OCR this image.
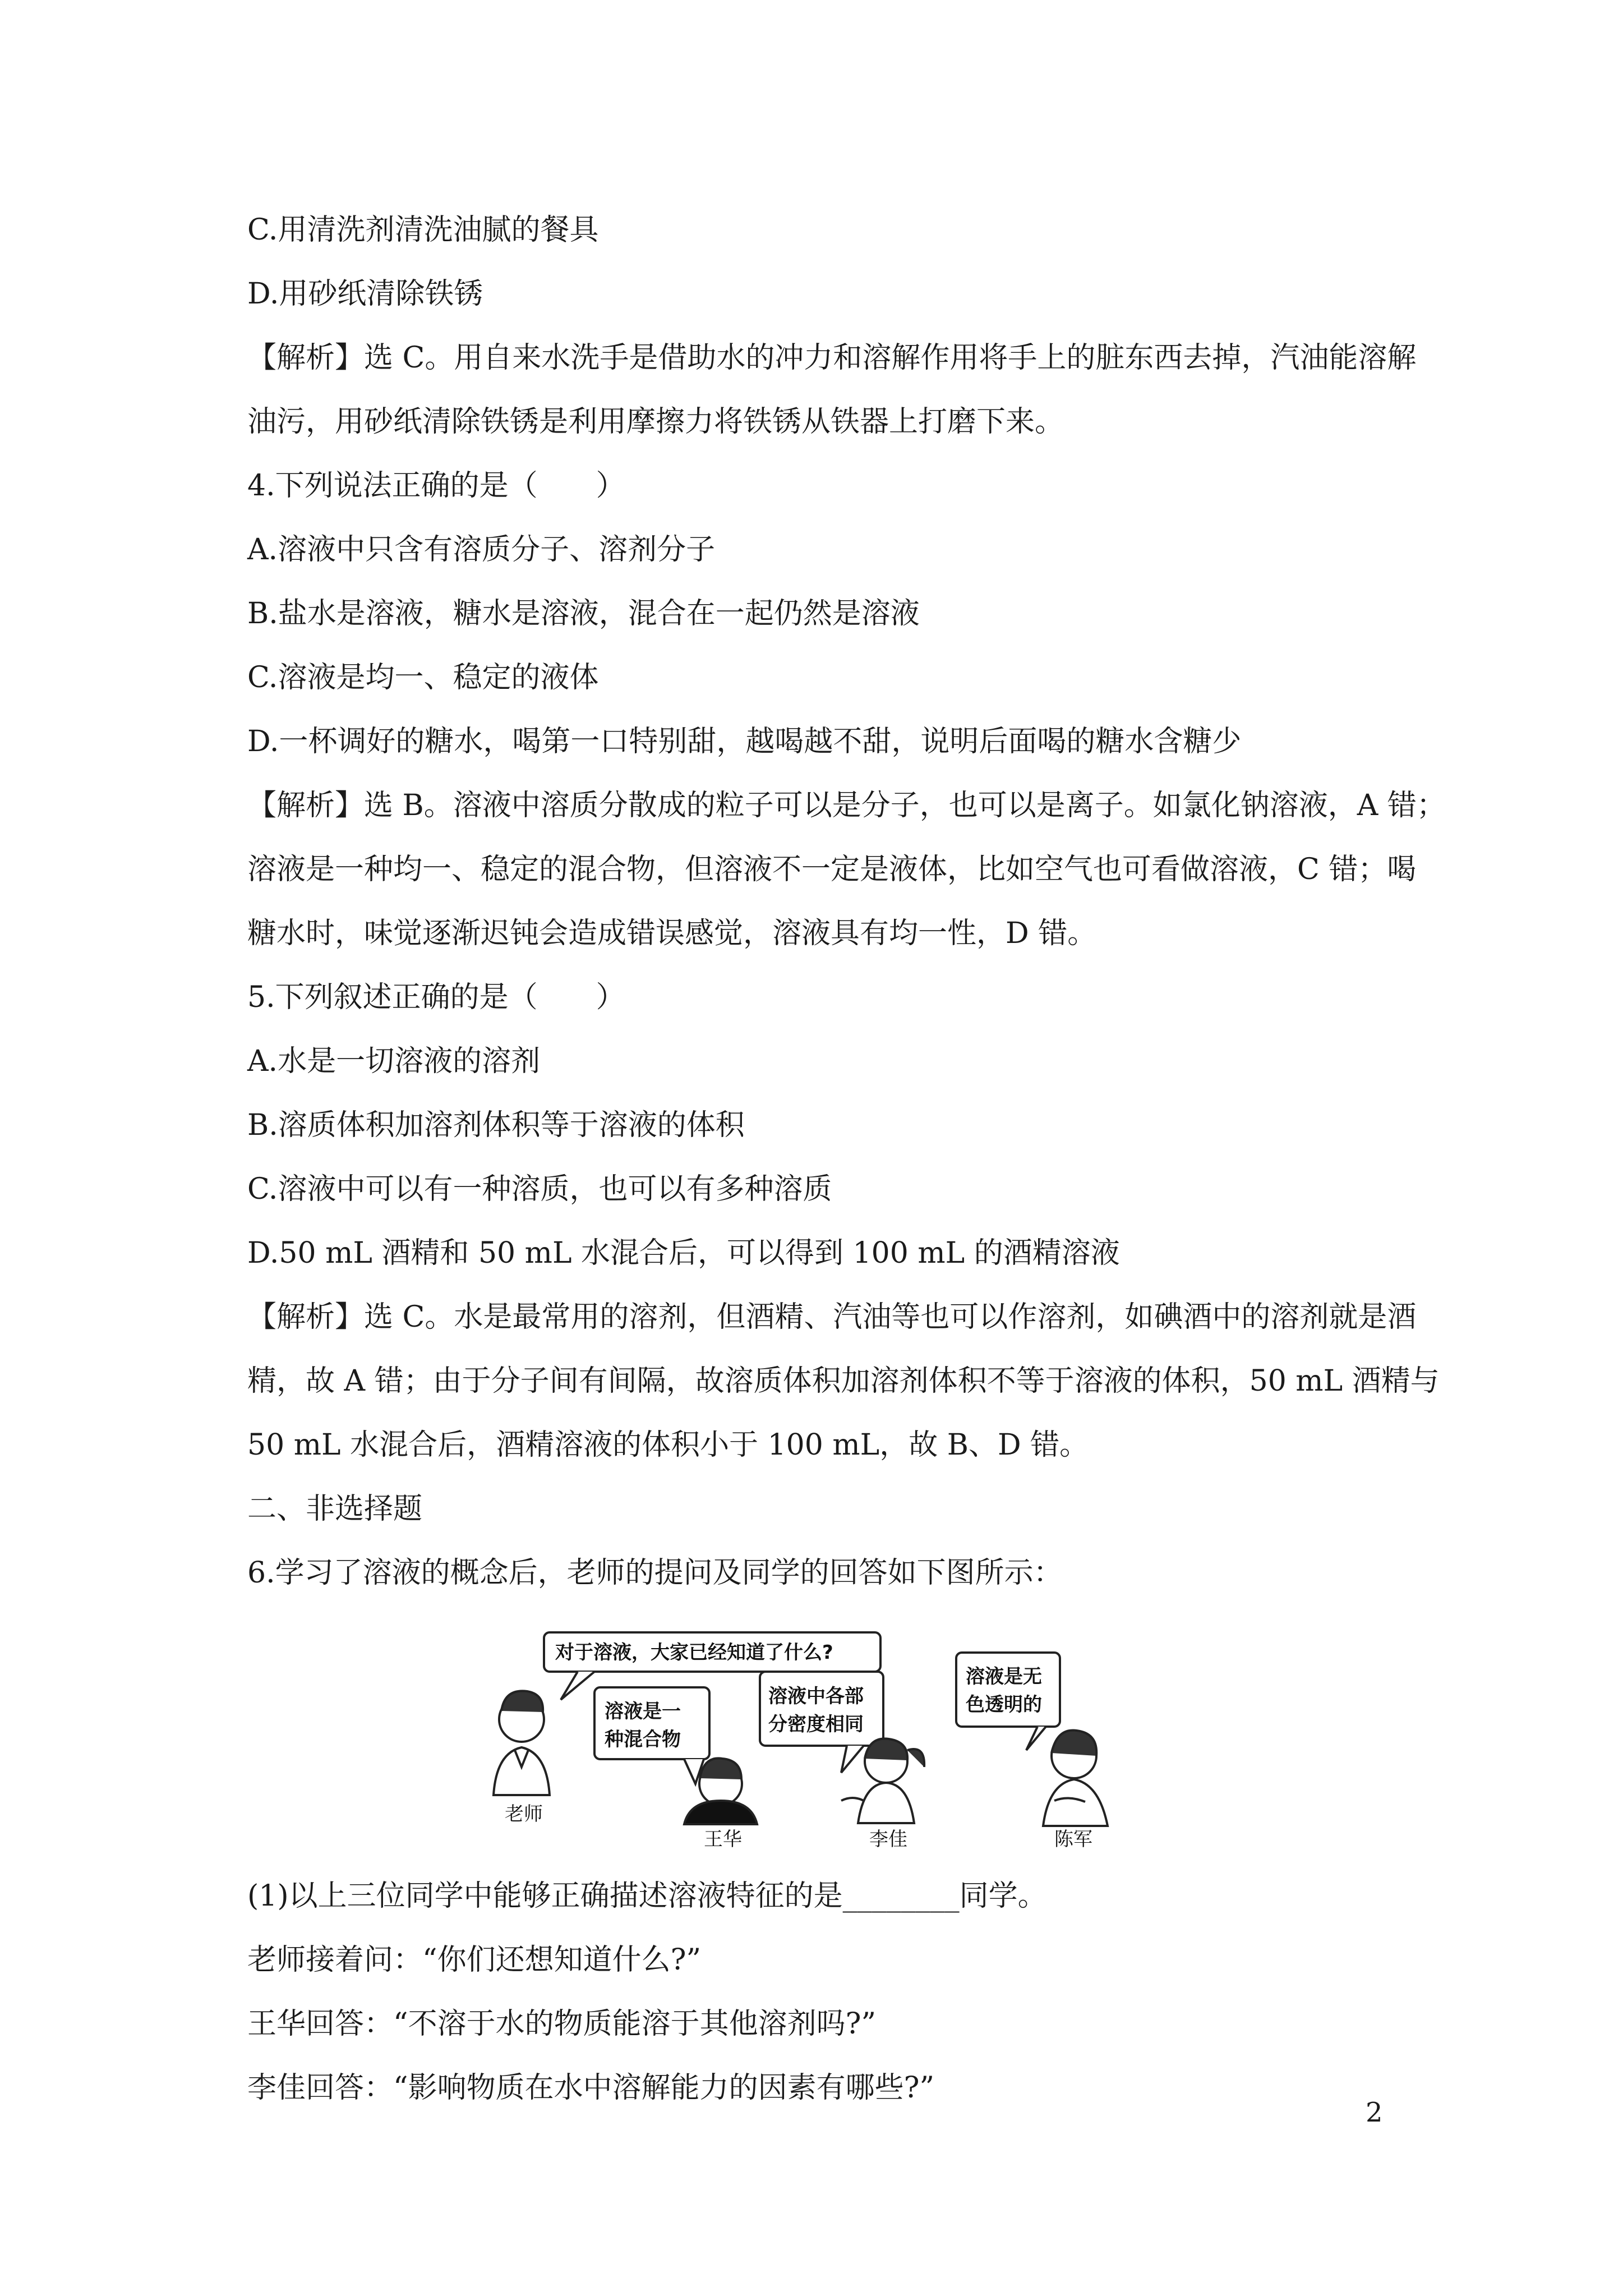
C.用清洗剂清洗油腻的餐具
D.用砂纸清除铁锈
【解析】选 C。用自来水洗手是借助水的冲力和溶解作用将手上的脏东西去掉，汽油能溶解
油污，用砂纸清除铁锈是利用摩擦力将铁锈从铁器上打磨下来。
4.下列说法正确的是（　　）
A.溶液中只含有溶质分子、溶剂分子
B.盐水是溶液，糖水是溶液，混合在一起仍然是溶液
C.溶液是均一、稳定的液体
D.一杯调好的糖水，喝第一口特别甜，越喝越不甜，说明后面喝的糖水含糖少
【解析】选 B。溶液中溶质分散成的粒子可以是分子，也可以是离子。如氯化钠溶液，A 错；
溶液是一种均一、稳定的混合物，但溶液不一定是液体，比如空气也可看做溶液，C 错；喝
糖水时，味觉逐渐迟钝会造成错误感觉，溶液具有均一性，D 错。
5.下列叙述正确的是（　　）
A.水是一切溶液的溶剂
B.溶质体积加溶剂体积等于溶液的体积
C.溶液中可以有一种溶质，也可以有多种溶质
D.50 mL 酒精和 50 mL 水混合后，可以得到 100 mL 的酒精溶液
【解析】选 C。水是最常用的溶剂，但酒精、汽油等也可以作溶剂，如碘酒中的溶剂就是酒
精，故 A 错；由于分子间有间隔，故溶质体积加溶剂体积不等于溶液的体积，50 mL 酒精与
50 mL 水混合后，酒精溶液的体积小于 100 mL，故 B、D 错。
二、非选择题
6.学习了溶液的概念后，老师的提问及同学的回答如下图所示：
对于溶液，大家已经知道了什么?
溶液是一
种混合物
溶液中各部
分密度相同
溶液是无
色透明的
老师
王华	李佳	陈军
(1)以上三位同学中能够正确描述溶液特征的是________同学。
老师接着问：“你们还想知道什么?”
王华回答：“不溶于水的物质能溶于其他溶剂吗?”
李佳回答：“影响物质在水中溶解能力的因素有哪些?”
2
